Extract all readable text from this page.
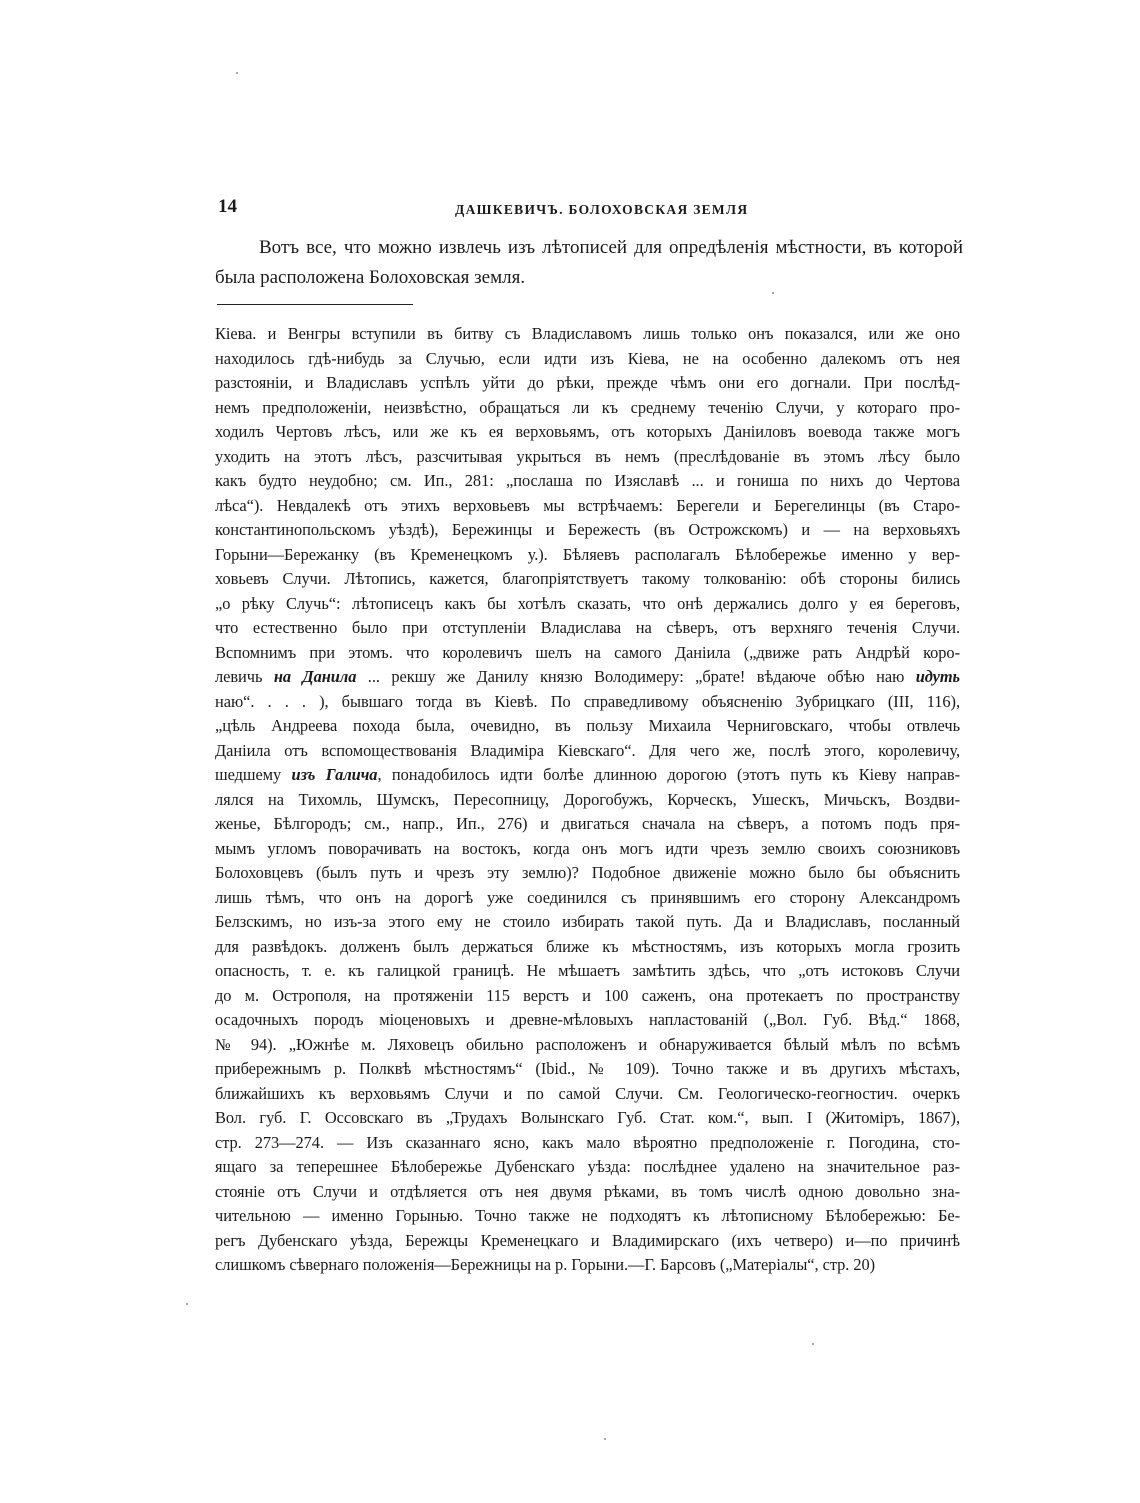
14	ДАШКЕВИЧЪ. БОЛОХОВСКАЯ ЗЕМЛЯ

Вотъ все, что можно извлечь изъ лѣтописей для опредѣленія мѣстности, въ которой была расположена Болоховская земля.

Кіева. и Венгры вступили въ битву съ Владиславомъ лишь только онъ показался, или же оно
находилось гдѣ-нибудь за Случью, если идти изъ Кіева, не на особенно далекомъ отъ нея
разстояніи, и Владиславъ успѣлъ уйти до рѣки, прежде чѣмъ они его догнали. При послѣд-
немъ предположеніи, неизвѣстно, обращаться ли къ среднему теченію Случи, у котораго про-
ходилъ Чертовъ лѣсъ, или же къ ея верховьямъ, отъ которыхъ Даніиловъ воевода также могъ
уходить на этотъ лѣсъ, разсчитывая укрыться въ немъ (преслѣдованіе въ этомъ лѣсу было
какъ будто неудобно; см. Ип., 281: „послаша по Изяславѣ ... и гониша по нихъ до Чертова
лѣса“). Невдалекѣ отъ этихъ верховьевъ мы встрѣчаемъ: Берегели и Берегелинцы (въ Старо-
константинопольскомъ уѣздѣ), Бережинцы и Бережесть (въ Острожскомъ) и — на верховьяхъ
Горыни—Бережанку (въ Кременецкомъ у.). Бѣляевъ располагалъ Бѣлобережье именно у вер-
ховьевъ Случи. Лѣтопись, кажется, благопріятствуетъ такому толкованію: обѣ стороны бились
„о рѣку Случь“: лѣтописецъ какъ бы хотѣлъ сказать, что онѣ держались долго у ея береговъ,
что естественно было при отступленіи Владислава на сѣверъ, отъ верхняго теченія Случи.
Вспомнимъ при этомъ. что королевичъ шелъ на самого Даніила („движе рать Андрѣй коро-
левичь на Данила ... рекшу же Данилу князю Володимеру: „брате! вѣдаюче обѣю наю идуть
наю“. . . . ), бывшаго тогда въ Кіевѣ. По справедливому объясненію Зубрицкаго (III, 116),
„цѣль Андреева похода была, очевидно, въ пользу Михаила Черниговскаго, чтобы отвлечь
Даніила отъ вспомоществованія Владиміра Кіевскаго“. Для чего же, послѣ этого, королевичу,
шедшему изъ Галича, понадобилось идти болѣе длинною дорогою (этотъ путь къ Кіеву направ-
лялся на Тихомль, Шумскъ, Пересопницу, Дорогобужъ, Корческъ, Ушескъ, Мичьскъ, Воздви-
женье, Бѣлгородъ; см., напр., Ип., 276) и двигаться сначала на сѣверъ, а потомъ подъ пря-
мымъ угломъ поворачивать на востокъ, когда онъ могъ идти чрезъ землю своихъ союзниковъ
Болоховцевъ (былъ путь и чрезъ эту землю)? Подобное движеніе можно было бы объяснить
лишь тѣмъ, что онъ на дорогѣ уже соединился съ принявшимъ его сторону Александромъ
Белзскимъ, но изъ-за этого ему не стоило избирать такой путь. Да и Владиславъ, посланный
для развѣдокъ. долженъ былъ держаться ближе къ мѣстностямъ, изъ которыхъ могла грозить
опасность, т. е. къ галицкой границѣ. Не мѣшаетъ замѣтить здѣсь, что „отъ истоковъ Случи
до м. Острополя, на протяженіи 115 верстъ и 100 саженъ, она протекаетъ по пространству
осадочныхъ породъ міоценовыхъ и древне-мѣловыхъ напластованій („Вол. Губ. Вѣд.“ 1868,
№ 94). „Южнѣе м. Ляховецъ обильно расположенъ и обнаруживается бѣлый мѣлъ по всѣмъ
прибережнымъ р. Полквѣ мѣстностямъ“ (Ibid., № 109). Точно также и въ другихъ мѣстахъ,
ближайшихъ къ верховьямъ Случи и по самой Случи. См. Геологическо-геогностич. очеркъ
Вол. губ. Г. Оссовскаго въ „Трудахъ Волынскаго Губ. Стат. ком.“, вып. I (Житоміръ, 1867),
стр. 273—274. — Изъ сказаннаго ясно, какъ мало вѣроятно предположеніе г. Погодина, сто-
ящаго за теперешнее Бѣлобережье Дубенскаго уѣзда: послѣднее удалено на значительное раз-
стояніе отъ Случи и отдѣляется отъ нея двумя рѣками, въ томъ числѣ одною довольно зна-
чительною — именно Горынью. Точно также не подходятъ къ лѣтописному Бѣлобережью: Бе-
регъ Дубенскаго уѣзда, Бережцы Кременецкаго и Владимирскаго (ихъ четверо) и—по причинѣ
слишкомъ сѣвернаго положенія—Бережницы на р. Горыни.—Г. Барсовъ („Матеріалы“, стр. 20)
